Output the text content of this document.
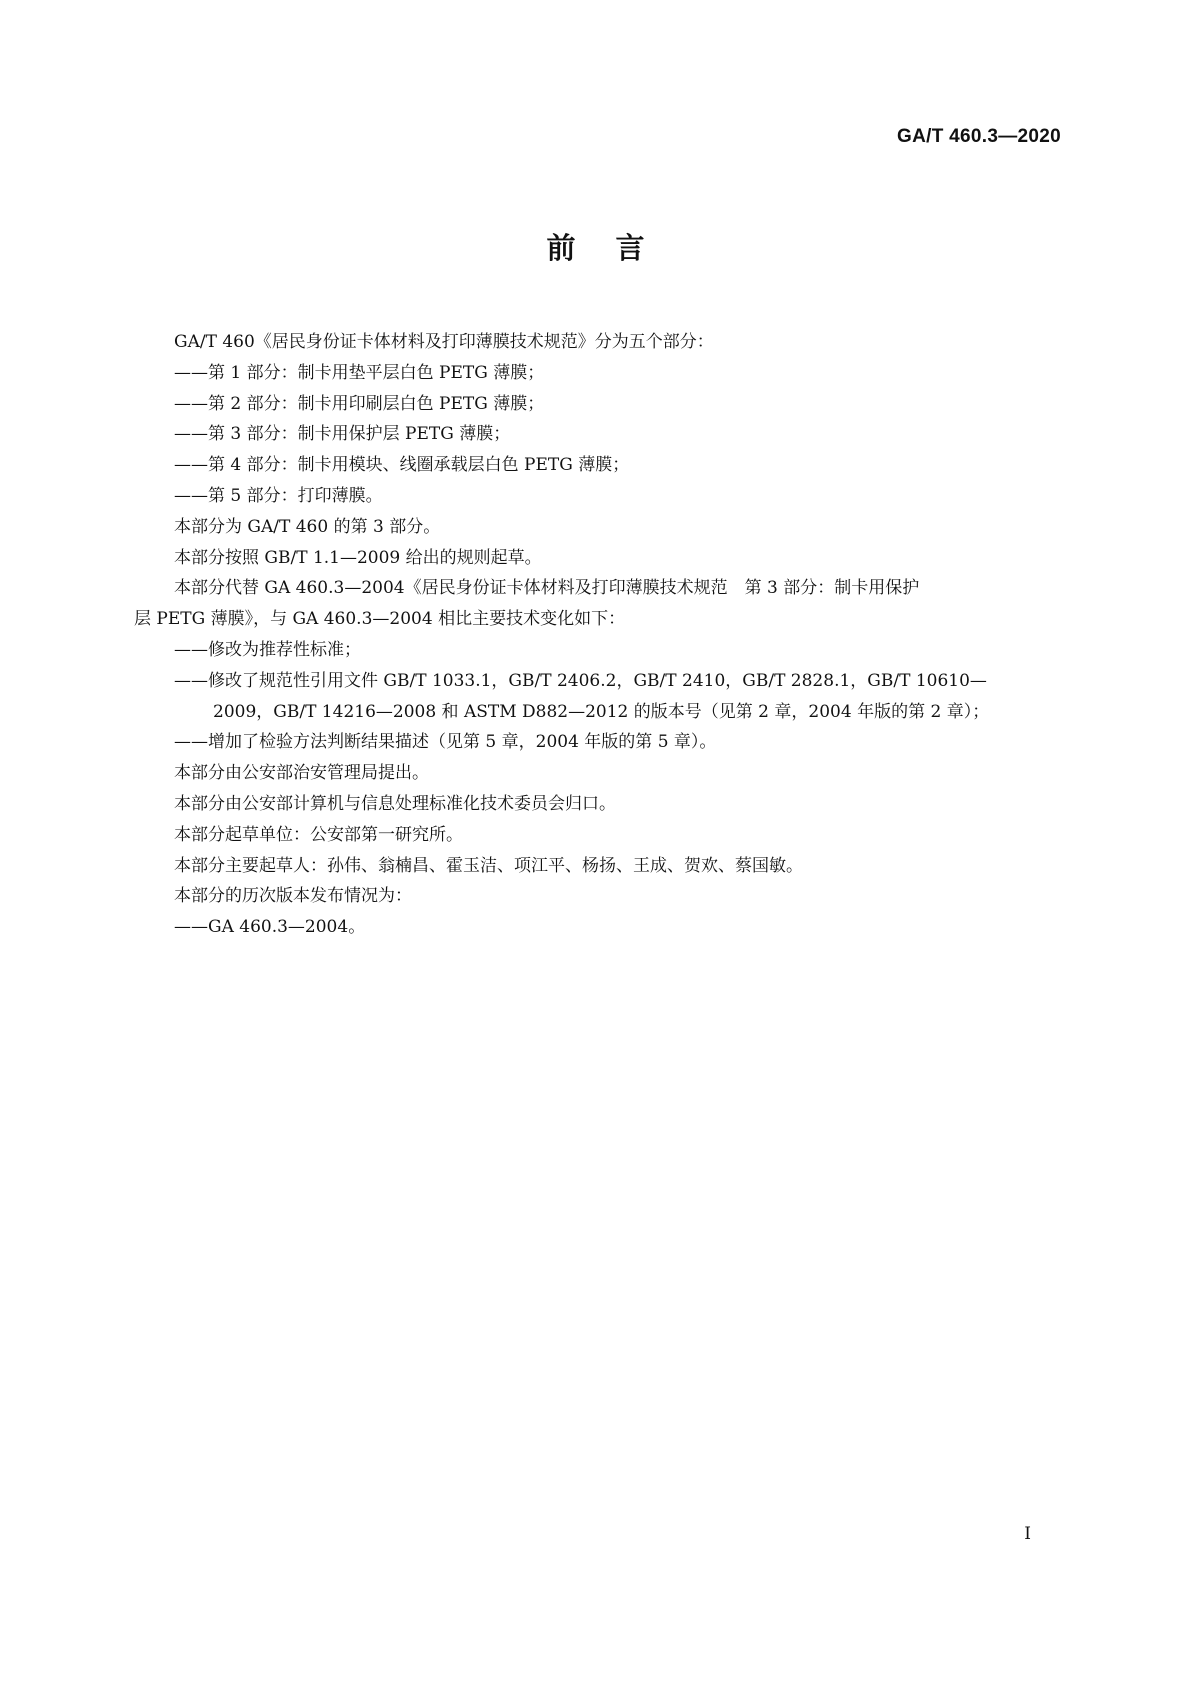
GA/T 460.3—2020
前言

GA/T 460《居民身份证卡体材料及打印薄膜技术规范》分为五个部分：

——第 1 部分：制卡用垫平层白色 PETG 薄膜；

——第 2 部分：制卡用印刷层白色 PETG 薄膜；

——第 3 部分：制卡用保护层 PETG 薄膜；

——第 4 部分：制卡用模块、线圈承载层白色 PETG 薄膜；

——第 5 部分：打印薄膜。

本部分为 GA/T 460 的第 3 部分。

本部分按照 GB/T 1.1—2009 给出的规则起草。

本部分代替 GA 460.3—2004《居民身份证卡体材料及打印薄膜技术规范　第 3 部分：制卡用保护

层 PETG 薄膜》，与 GA 460.3—2004 相比主要技术变化如下：

——修改为推荐性标准；

——修改了规范性引用文件 GB/T 1033.1，GB/T 2406.2，GB/T 2410，GB/T 2828.1，GB/T 10610—

2009，GB/T 14216—2008 和 ASTM D882—2012 的版本号（见第 2 章，2004 年版的第 2 章）；

——增加了检验方法判断结果描述（见第 5 章，2004 年版的第 5 章）。

本部分由公安部治安管理局提出。

本部分由公安部计算机与信息处理标准化技术委员会归口。

本部分起草单位：公安部第一研究所。

本部分主要起草人：孙伟、翁楠昌、霍玉洁、项江平、杨扬、王成、贺欢、蔡国敏。

本部分的历次版本发布情况为：

——GA 460.3—2004。

I
